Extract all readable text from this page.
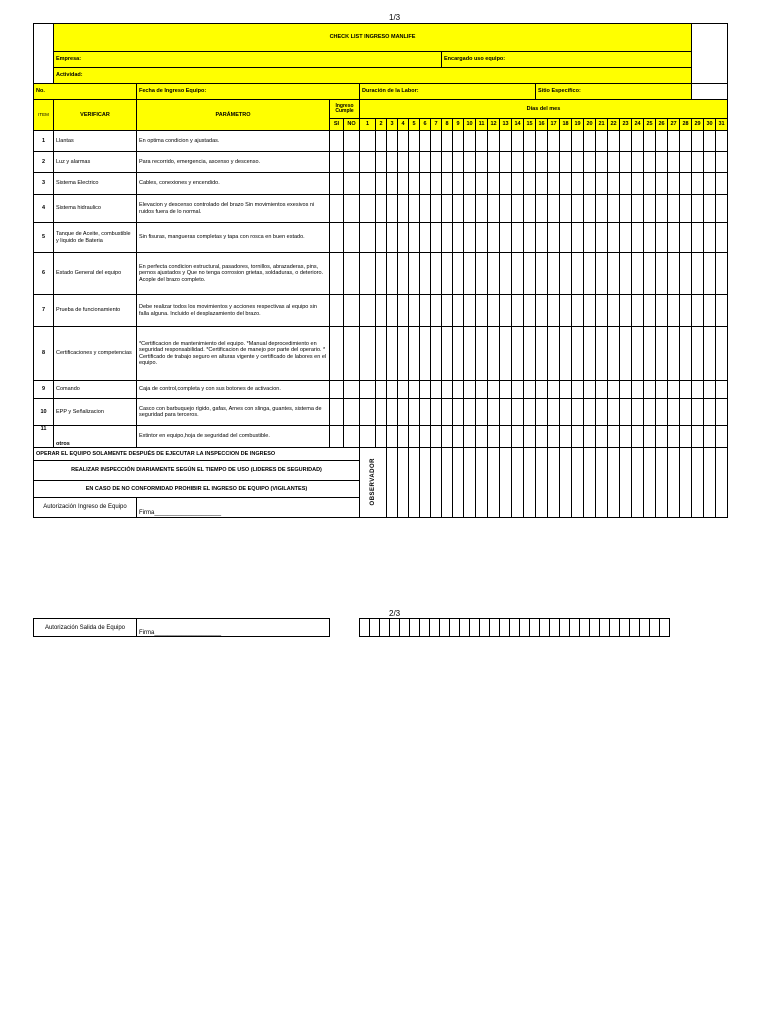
1/3
	CHECK LIST INGRESO MANLIFE																																		
	Empresa:											Encargado uso equipo:																							
	Actividad:																																		
No.		Fecha de Ingreso Equipo:			Duración de la Labor:															Sitio Específico:															
ITEM	VERIFICAR	PARÁMETRO	Ingreso Cumple		Días del mes																														
			SI	NO	1	2	3	4	5	6	7	8	9	10	11	12	13	14	15	16	17	18	19	20	21	22	23	24	25	26	27	28	29	30	31
1	Llantas	En optima condicion y ajustadas.																																	
2	Luz y alarmas	Para recorrido, emergencia, ascenso y descenso.																																	
3	Sistema Electrico	Cables, conexiones y encendido.																																	
4	Sistema hidraulico	Elevacion y descenso controlado del brazo Sin movimientos exesivos ni ruidos fuera de lo normal.																																	
5	Tanque de Aceite, combustible y liquido de Bateria	Sin fisuras, mangueras completas y tapa con rosca en buen estado.																																	
6	Estado General del equipo	En perfecta condicion estructural, pasadores, tornillos, abrazaderas, pins, pernos ajustados y Que no tenga corrosion grietas, soldaduras, o deterioro. Acople del brazo completo.																																	
7	Prueba de funcionamiento	Debe realizar todos los movimientos y acciones respectivas al equipo sin falla alguna. Incluido el desplazamiento del brazo.																																	
8	Certificaciones y competencias	*Certificacion de mantenimiento del equipo. *Manual deprocedimiento en seguridad responsabilidad. *Certificacion de manejo por parte del operario. * Certificado de trabajo seguro en alturas vigente y certificado de labores en el equipo.																																	
9	Comando	Caja de control,completa y con sus botones de activacion.																																	
10	EPP y Señalizacion	Casco con barbuquejo rígido, gafas, Arnes con slinga, guantes, sistema de seguridad para terceros.																																	
11	otros	Extintor en equipo,hoja de seguridad del combustible.																																	
OPERAR EL EQUIPO SOLAMENTE DESPUÉS DE EJECUTAR LA INSPECCION DE INGRESO					OBSERVADOR																														
REALIZAR INSPECCIÓN DIARIAMENTE SEGÚN EL TIEMPO DE USO (LIDERES DE SEGURIDAD)																																			
EN CASO DE NO CONFORMIDAD PROHIBIR EL INGRESO DE EQUIPO (VIGILANTES)																																			
Autorización Ingreso de Equipo		Firma____________________																																	
2/3
Autorización Salida de Equipo	Firma____________________																																
